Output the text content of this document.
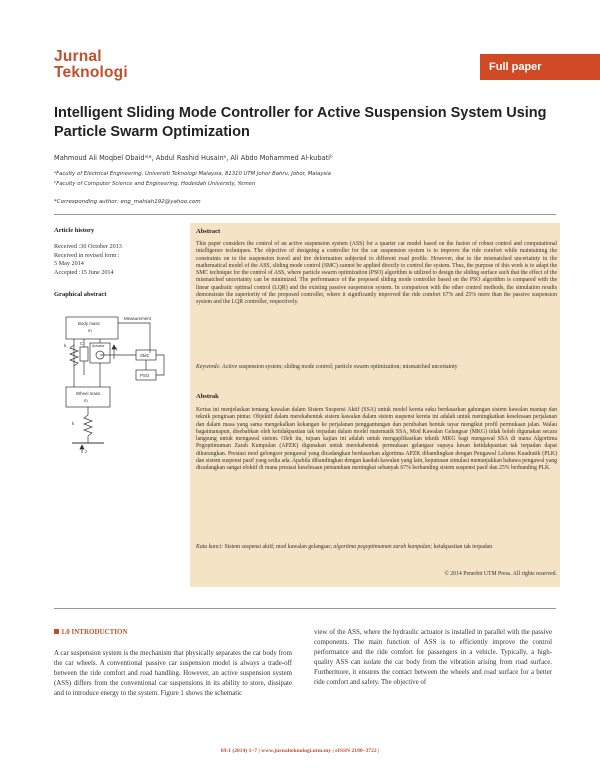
Jurnal
Teknologi	Full paper
Intelligent Sliding Mode Controller for Active Suspension System Using Particle Swarm Optimization
Mahmoud Ali Moqbel Obaidᵃʲ*, Abdul Rashid Husainᵃ, Ali Abdo Mohammed Al-kubatiᵇ
ᵃFaculty of Electrical Engineering, Universiti Teknologi Malaysia, 81310 UTM Johor Bahru, Johor, Malaysia
ᵇFaculty of Computer Science and Engineering, Hodeidah University, Yemen
*Corresponding author: eng_mahiah192@yahoo.com
Article history
Received :30 October 2013
Received in revised form :
5 May 2014
Accepted :15 June 2014
Graphical abstract
Measurement
Body mass
m
k	C	Actuator
f
SMC
PSO
Wheel mass
m
k
z
Abstract

This paper considers the control of an active suspension system (ASS) for a quarter car model based on the fusion of robust control and computational intelligence techniques. The objective of designing a controller for the car suspension system is to improve the ride comfort while maintaining the constraints on to the suspension travel and tire deformation subjected to different road profile. However, due to the mismatched uncertainty in the mathematical model of the ASS, sliding mode control (SMC) cannot be applied directly to control the system. Thus, the purpose of this work is to adapt the SMC technique for the control of ASS, where particle swarm optimization (PSO) algorithm is utilized to design the sliding surface such that the effect of the mismatched uncertainty can be minimized. The performance of the proposed sliding mode controller based on the PSO algorithm is compared with the linear quadratic optimal control (LQR) and the existing passive suspension system. In comparison with the other control methods, the simulation results demonstrate the superiority of the proposed controller, where it significantly improved the ride comfort 67% and 25% more than the passive suspension system and the LQR controller, respectively.

Keywords: Active suspension system; sliding mode control; particle swarm optimization; mismatched uncertainty

Abstrak

Kertas ini menjelaskan tentang kawalan dalam Sistem Suspensi Aktif (SSA) untuk model kereta suku berdasarkan gabungan sistem kawalan mantap dan teknik pengiraan pintar. Objektif dalam merekabentuk sistem kawalan dalam sistem suspensi kereta ini adalah untuk meningkatkan keselesaan perjalanan dan dalam masa yang sama mengekalkan kekangan ke perjalanan penggantungan dan perubahan bentuk tayar mengikut profil permukaan jalan. Walau bagaimanapun, disebabkan oleh ketidakpastian tak terpadan dalam model matematik SSA, Mod Kawalan Gelangsar (MKG) tidak boleh digunakan secara langsung untuk mengawal sistem. Oleh itu, tujuan kajian ini adalah untuk mengaplikasikan teknik MKG bagi mengawal SSA di mana Algoritma Pegoptimuman Zarah Kumpulan (APZK) digunakan untuk merekabentuk permukaan gelangsar supaya kesan ketidakpastian tak terpadan dapat dikurangkan. Prestasi mod gelongsor pengawal yang dicadangkan berdasarkan algoritma APZK dibandingkan dengan Pengawal Lelurus Kuadratik (PLK) dan sistem suspensi pasif yang sedia ada. Apabila dibandingkan dengan kaedah kawalan yang lain, keputusan simulasi menunjukkan bahawa pengawal yang dicadangkan sangat efektif di mana prestasi keselesaan pemanduan meningkat sebanyak 67% berbanding sistem suspensi pasif dan 25% berbanding PLK.

Kata kunci: Sistem suspensi aktif; mod kawalan gelangsar; algoritma pegoptimuman zarah kumpulan; ketakpastian tak terpadan

© 2014 Penerbit UTM Press. All rights reserved.
1.0 INTRODUCTION

A car suspension system is the mechanism that physically separates the car body from the car wheels. A conventional passive car suspension model is always a trade-off between the ride comfort and road handling. However, an active suspension system (ASS) differs from the conventional car suspensions in its ability to store, dissipate and to introduce energy to the system. Figure 1 shows the schematic

view of the ASS, where the hydraulic actuator is installed in parallel with the passive components. The main function of ASS is to efficiently improve the control performance and the ride comfort for passengers in a vehicle. Typically, a high-quality ASS can isolate the car body from the vibration arising from road surface. Furthermore, it ensures the contact between the wheels and road surface for a better ride comfort and safety. The objective of

69:1 (2014) 1–7 | www.jurnalteknologi.utm.my | eISSN 2180–3722 |
